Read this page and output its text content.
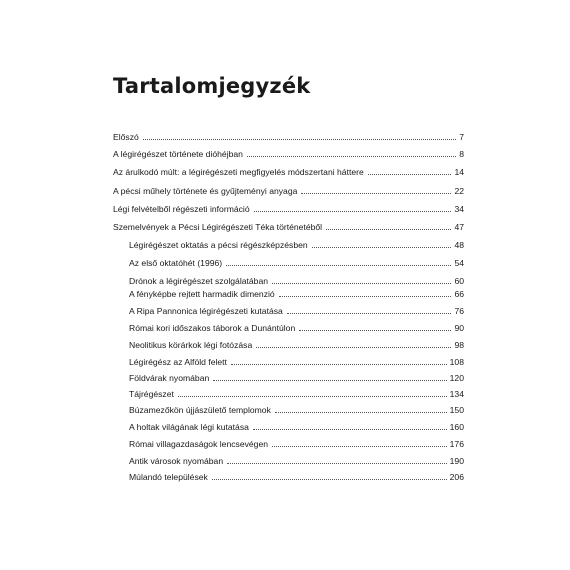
Tartalomjegyzék
Előszó	7
A légirégészet története dióhéjban	8
Az árulkodó múlt: a légirégészeti megfigyelés módszertani háttere	14
A pécsi műhely története és gyűjteményi anyaga	22
Légi felvételből régészeti információ	34
Szemelvények a Pécsi Légirégészeti Téka történetéből	47
Légirégészet oktatás a pécsi régészképzésben	48
Az első oktatóhét (1996)	54
Drónok a légirégészet szolgálatában	60
A fényképbe rejtett harmadik dimenzió	66
A Ripa Pannonica légirégészeti kutatása	76
Római kori időszakos táborok a Dunántúlon	90
Neolitikus körárkok légi fotózása	98
Légirégész az Alföld felett	108
Földvárak nyomában	120
Tájrégészet	134
Búzamezőkön újjászülető templomok	150
A holtak világának légi kutatása	160
Római villagazdaságok lencsevégen	176
Antik városok nyomában	190
Múlandó települések	206
